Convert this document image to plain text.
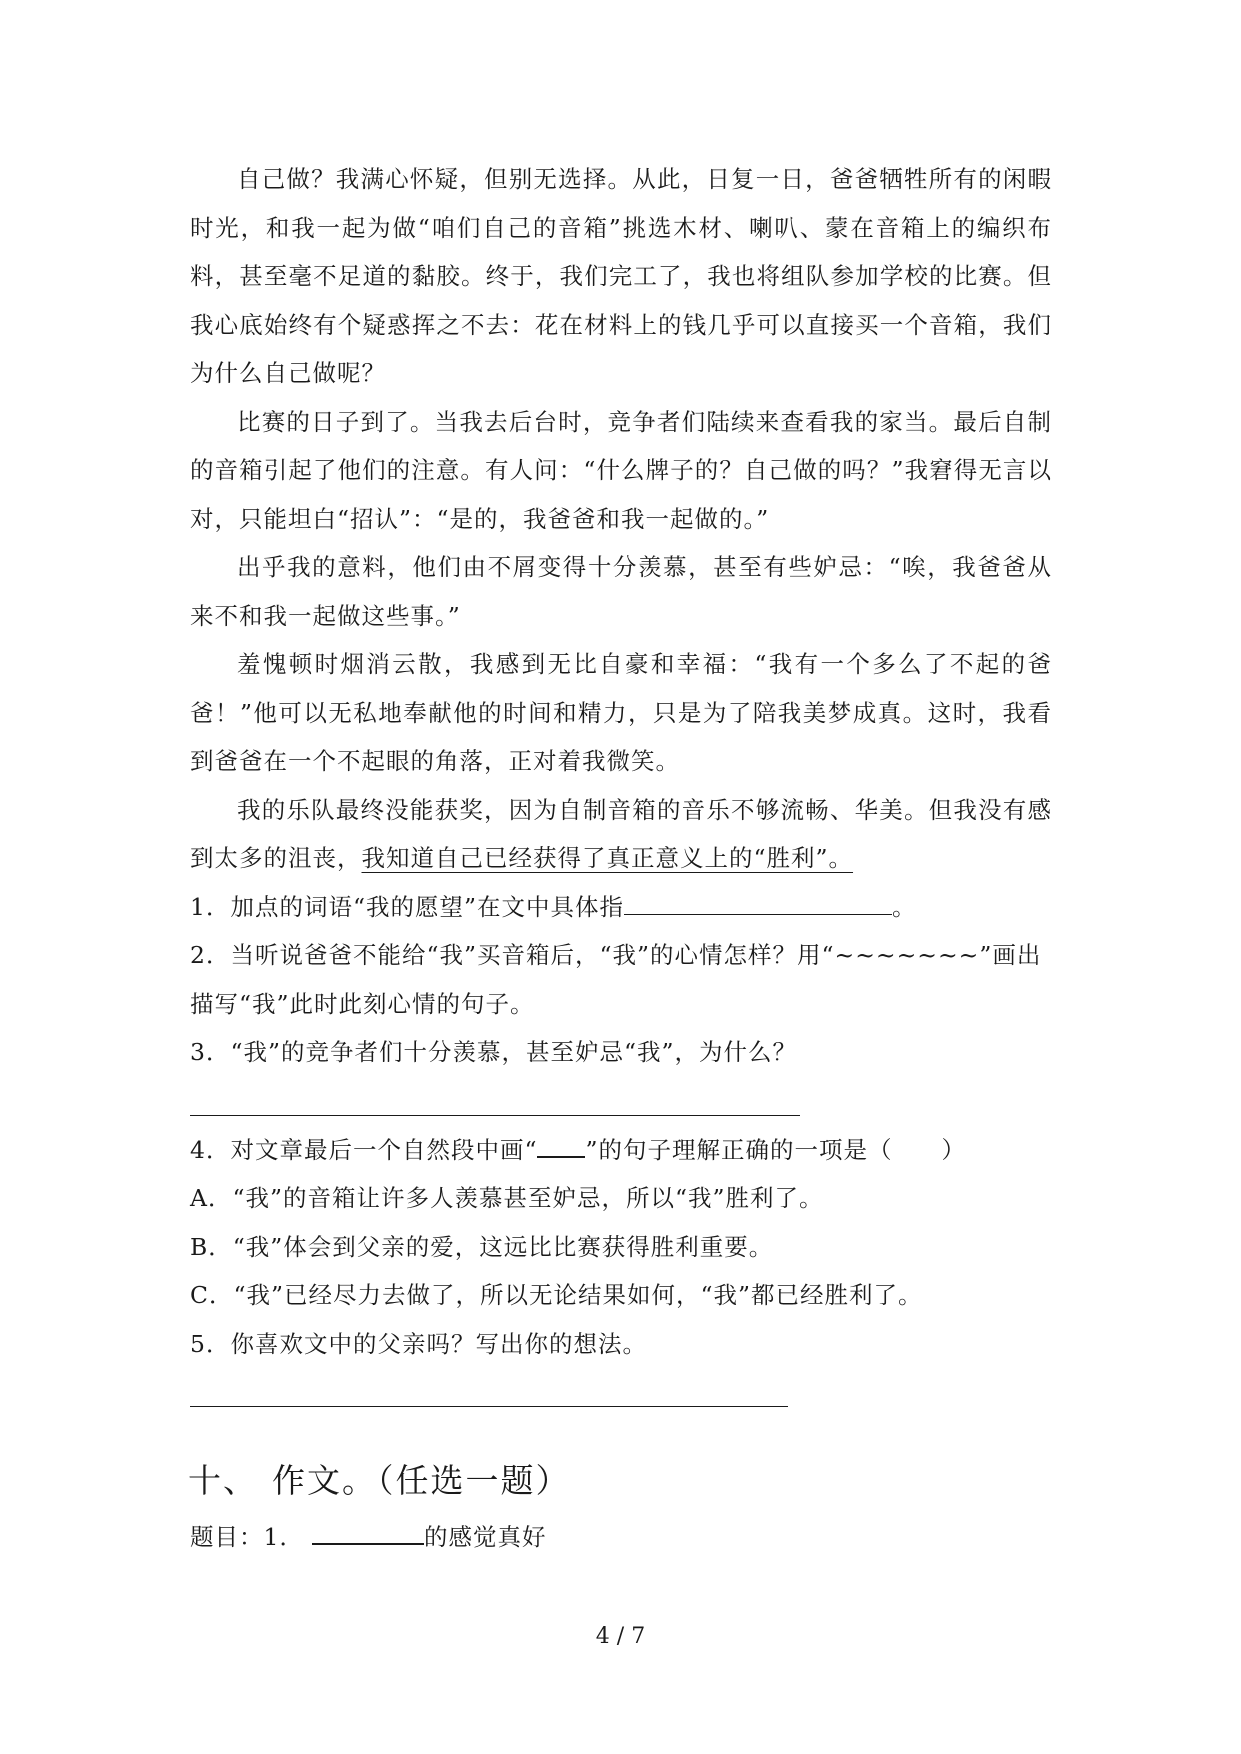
自己做？我满心怀疑，但别无选择。从此，日复一日，爸爸牺牲所有的闲暇时光，和我一起为做“咱们自己的音箱”挑选木材、喇叭、蒙在音箱上的编织布料，甚至毫不足道的黏胶。终于，我们完工了，我也将组队参加学校的比赛。但我心底始终有个疑惑挥之不去：花在材料上的钱几乎可以直接买一个音箱，我们为什么自己做呢？

比赛的日子到了。当我去后台时，竞争者们陆续来查看我的家当。最后自制的音箱引起了他们的注意。有人问：“什么牌子的？自己做的吗？”我窘得无言以对，只能坦白“招认”：“是的，我爸爸和我一起做的。”

出乎我的意料，他们由不屑变得十分羡慕，甚至有些妒忌：“唉，我爸爸从来不和我一起做这些事。”

羞愧顿时烟消云散，我感到无比自豪和幸福：“我有一个多么了不起的爸爸！”他可以无私地奉献他的时间和精力，只是为了陪我美梦成真。这时，我看到爸爸在一个不起眼的角落，正对着我微笑。

我的乐队最终没能获奖，因为自制音箱的音乐不够流畅、华美。但我没有感到太多的沮丧，我知道自己已经获得了真正意义上的“胜利”。

1．加点的词语“我的愿望”在文中具体指	。

2．当听说爸爸不能给“我”买音箱后，“我”的心情怎样？用“~~~~~~~”画出描写“我”此时此刻心情的句子。

3．“我”的竞争者们十分羡慕，甚至妒忌“我”，为什么？

4．对文章最后一个自然段中画“ ”的句子理解正确的一项是（　　）

A．“我”的音箱让许多人羡慕甚至妒忌，所以“我”胜利了。

B．“我”体会到父亲的爱，这远比比赛获得胜利重要。

C．“我”已经尽力去做了，所以无论结果如何，“我”都已经胜利了。

5．你喜欢文中的父亲吗？写出你的想法。

十、 作文。（任选一题）

题目：1．	的感觉真好

4 / 7
